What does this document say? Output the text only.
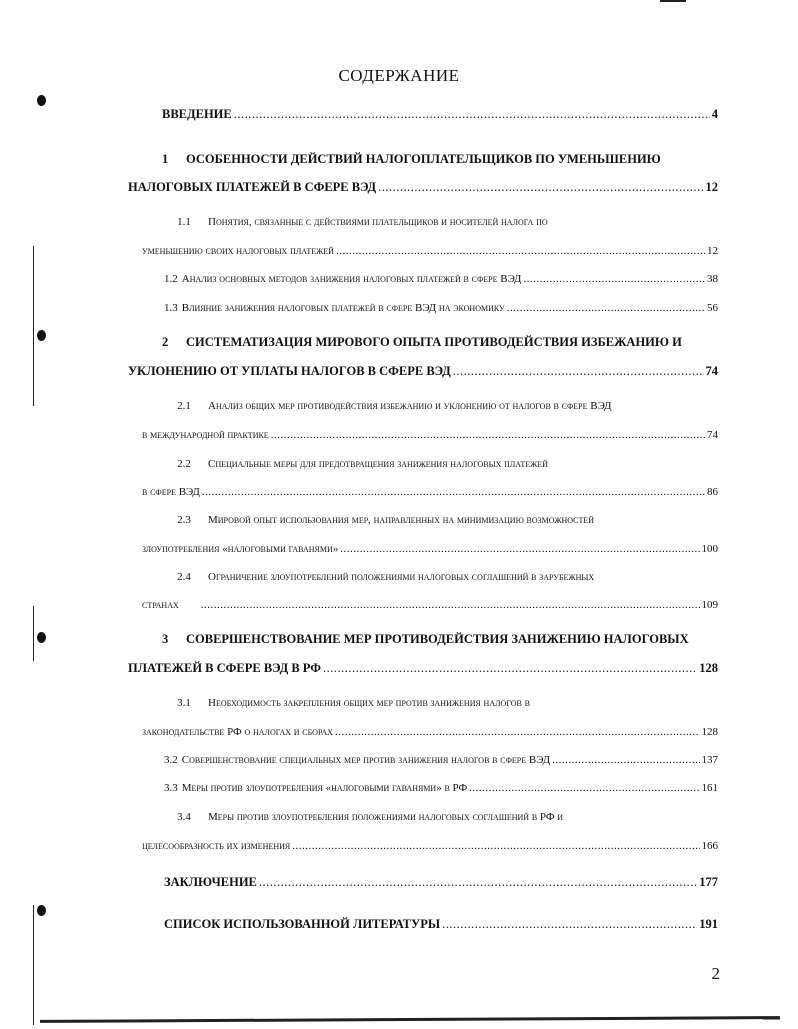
СОДЕРЖАНИЕ
ВВЕДЕНИЕ .....	4
1	ОСОБЕННОСТИ ДЕЙСТВИЙ НАЛОГОПЛАТЕЛЬЩИКОВ ПО УМЕНЬШЕНИЮ
НАЛОГОВЫХ ПЛАТЕЖЕЙ В СФЕРЕ ВЭД .....	12
1.1	Понятия, связанные с действиями плательщиков и носителей налога по
уменьшению своих налоговых платежей .....	12
1.2 Анализ основных методов занижения налоговых платежей в сфере ВЭД .....	38
1.3 Влияние занижения налоговых платежей в сфере ВЭД на экономику .....	56
2	СИСТЕМАТИЗАЦИЯ МИРОВОГО ОПЫТА ПРОТИВОДЕЙСТВИЯ ИЗБЕЖАНИЮ И
УКЛОНЕНИЮ ОТ УПЛАТЫ НАЛОГОВ В СФЕРЕ ВЭД .....	74
2.1	Анализ общих мер противодействия избежанию и уклонению от налогов в сфере ВЭД
в международной практике .....	74
2.2	Специальные меры для предотвращения занижения налоговых платежей
в сфере ВЭД .....	86
2.3	Мировой опыт использования мер, направленных на минимизацию возможностей
злоупотребления «налоговыми гаванями» .....	100
2.4	Ограничение злоупотреблений положениями налоговых соглашений в зарубежных
странах .....	109
3	СОВЕРШЕНСТВОВАНИЕ МЕР ПРОТИВОДЕЙСТВИЯ ЗАНИЖЕНИЮ НАЛОГОВЫХ
ПЛАТЕЖЕЙ В СФЕРЕ ВЭД В РФ .....	128
3.1	Необходимость закрепления общих мер против занижения налогов в
законодательстве РФ о налогах и сборах .....	128
3.2 Совершенствование специальных мер против занижения налогов в сфере ВЭД .....	137
3.3 Меры против злоупотребления «налоговыми гаванями» в РФ .....	161
3.4	Меры против злоупотребления положениями налоговых соглашений в РФ и
целесообразность их изменения .....	166
ЗАКЛЮЧЕНИЕ .....	177
СПИСОК ИСПОЛЬЗОВАННОЙ ЛИТЕРАТУРЫ .....	191
2
